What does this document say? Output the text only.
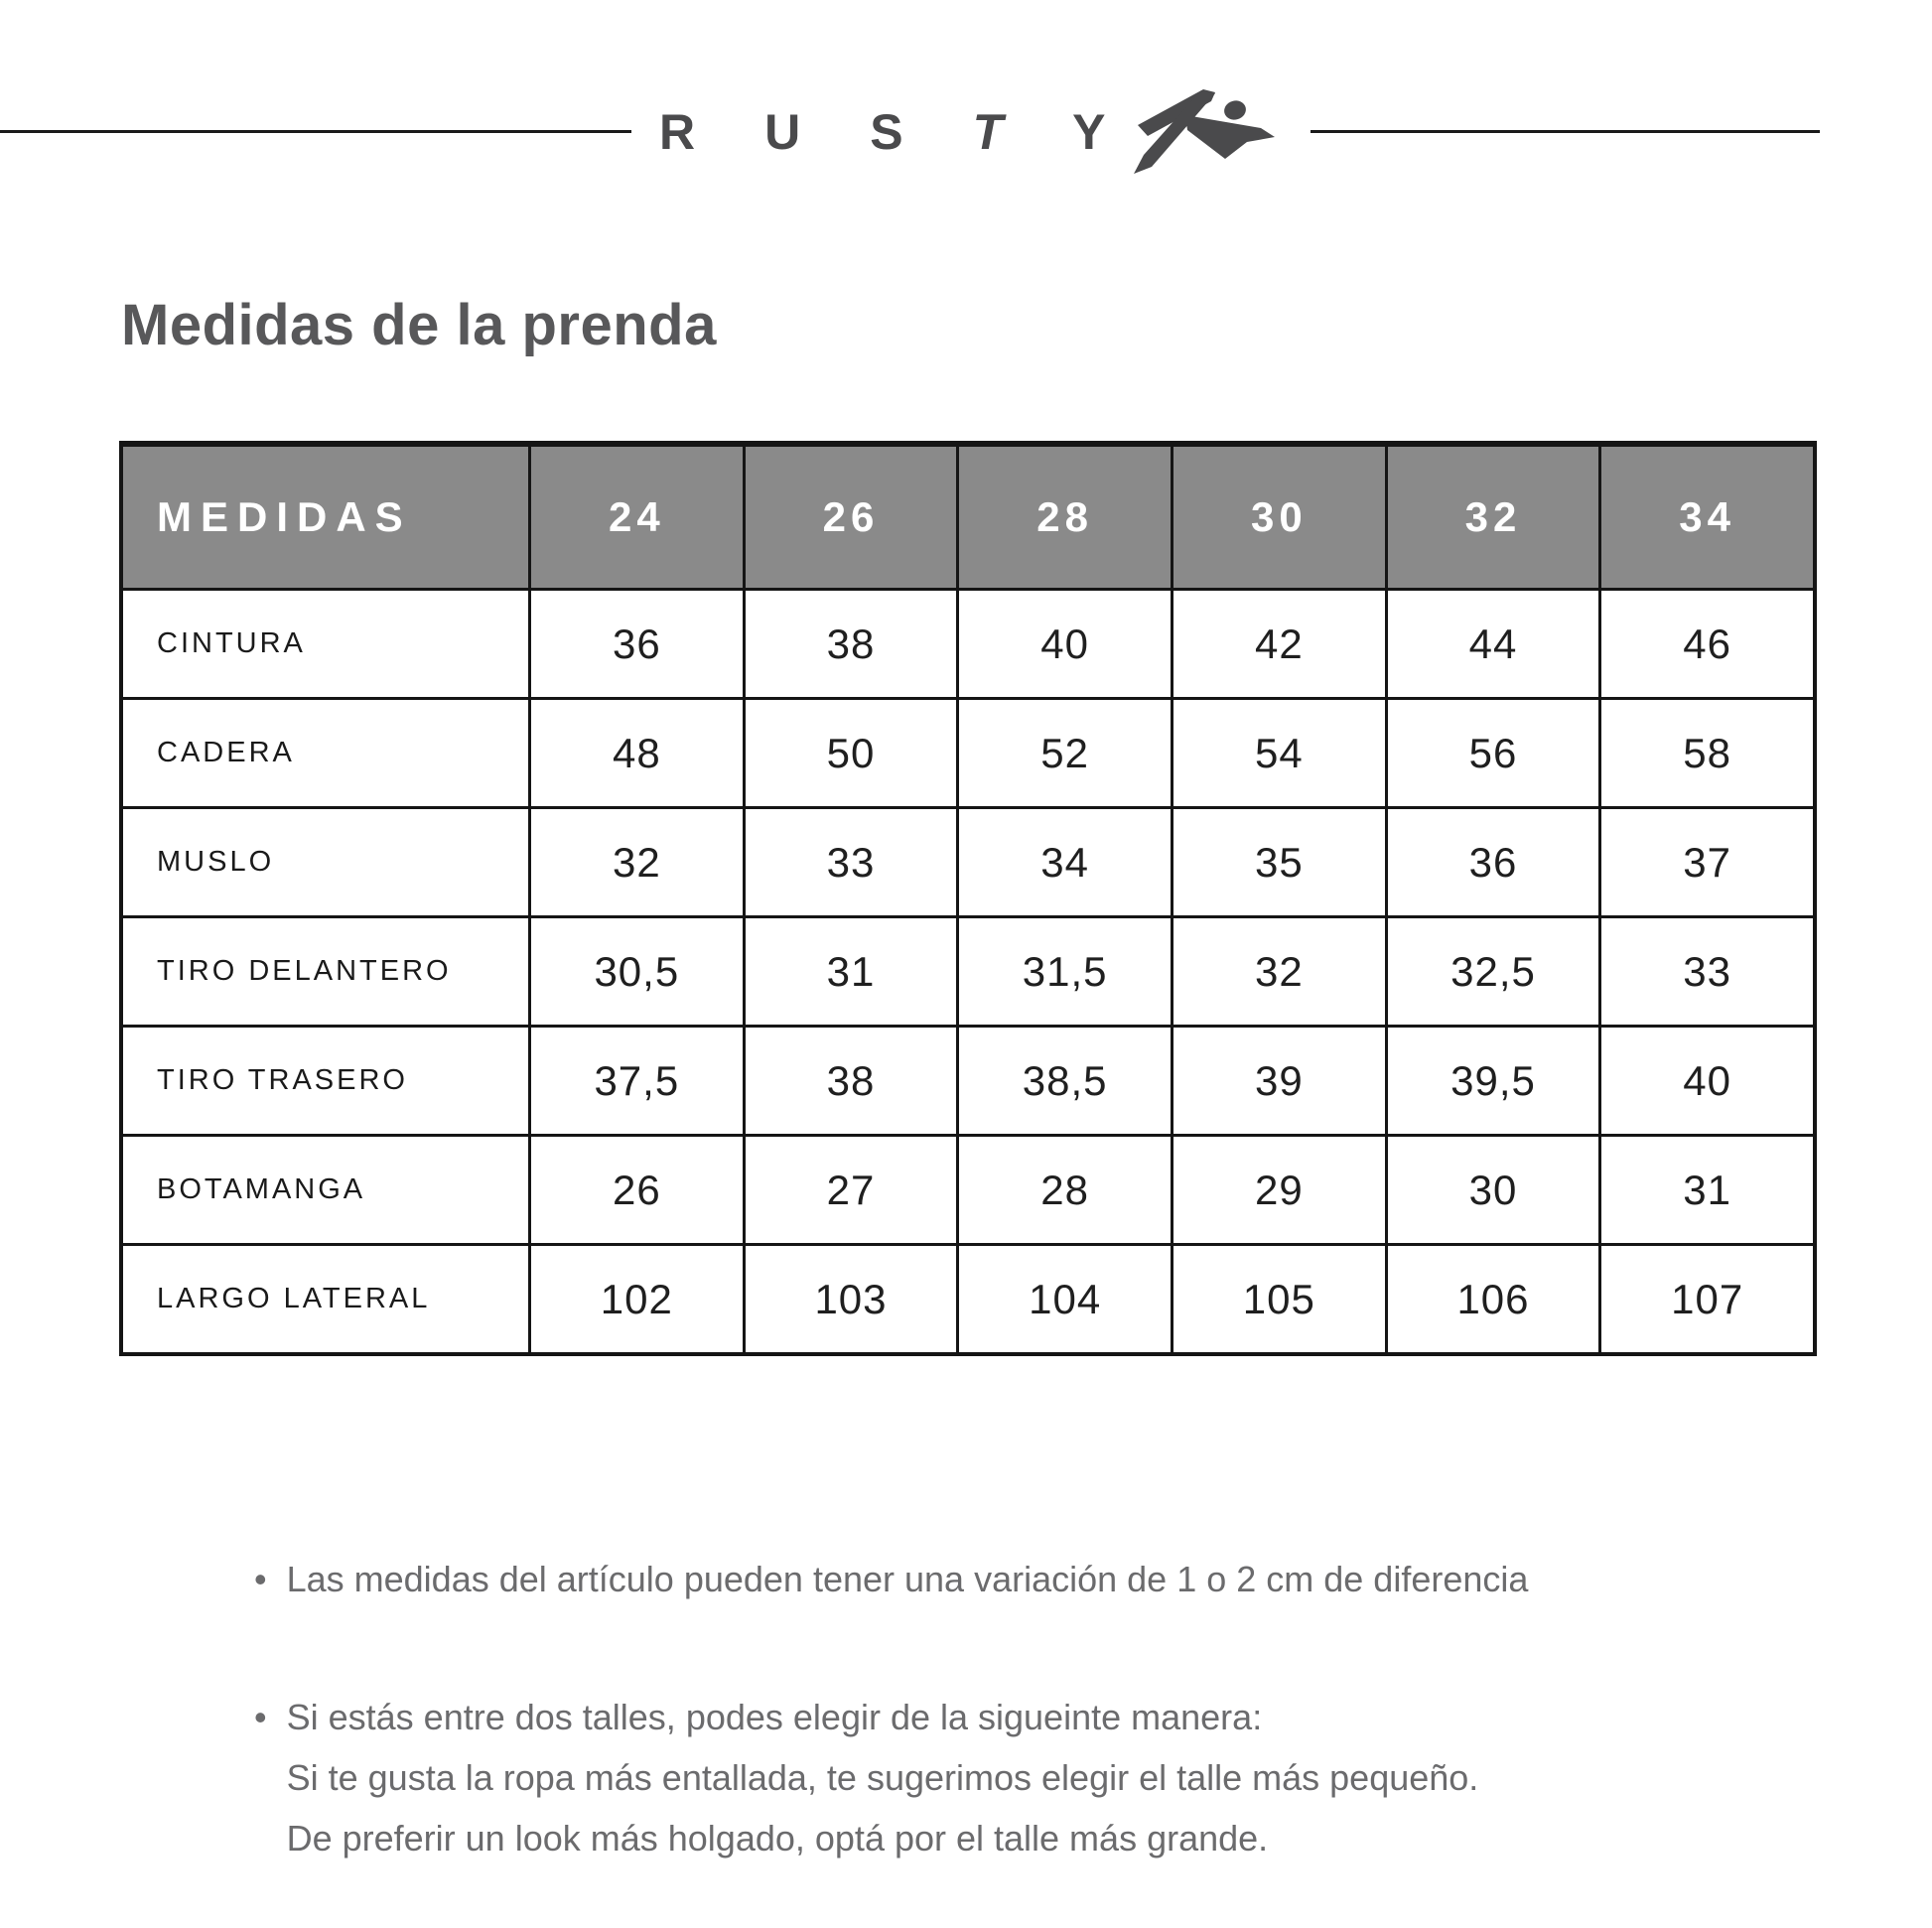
R U S T Y
Medidas de la prenda
MEDIDAS	24	26	28	30	32	34
CINTURA	36	38	40	42	44	46
CADERA	48	50	52	54	56	58
MUSLO	32	33	34	35	36	37
TIRO DELANTERO	30,5	31	31,5	32	32,5	33
TIRO TRASERO	37,5	38	38,5	39	39,5	40
BOTAMANGA	26	27	28	29	30	31
LARGO LATERAL	102	103	104	105	106	107
• Las medidas del artículo pueden tener una variación de 1 o 2 cm de diferencia
• Si estás entre dos talles, podes elegir de la sigueinte manera:
Si te gusta la ropa más entallada, te sugerimos elegir el talle más pequeño.
De preferir un look más holgado, optá por el talle más grande.
